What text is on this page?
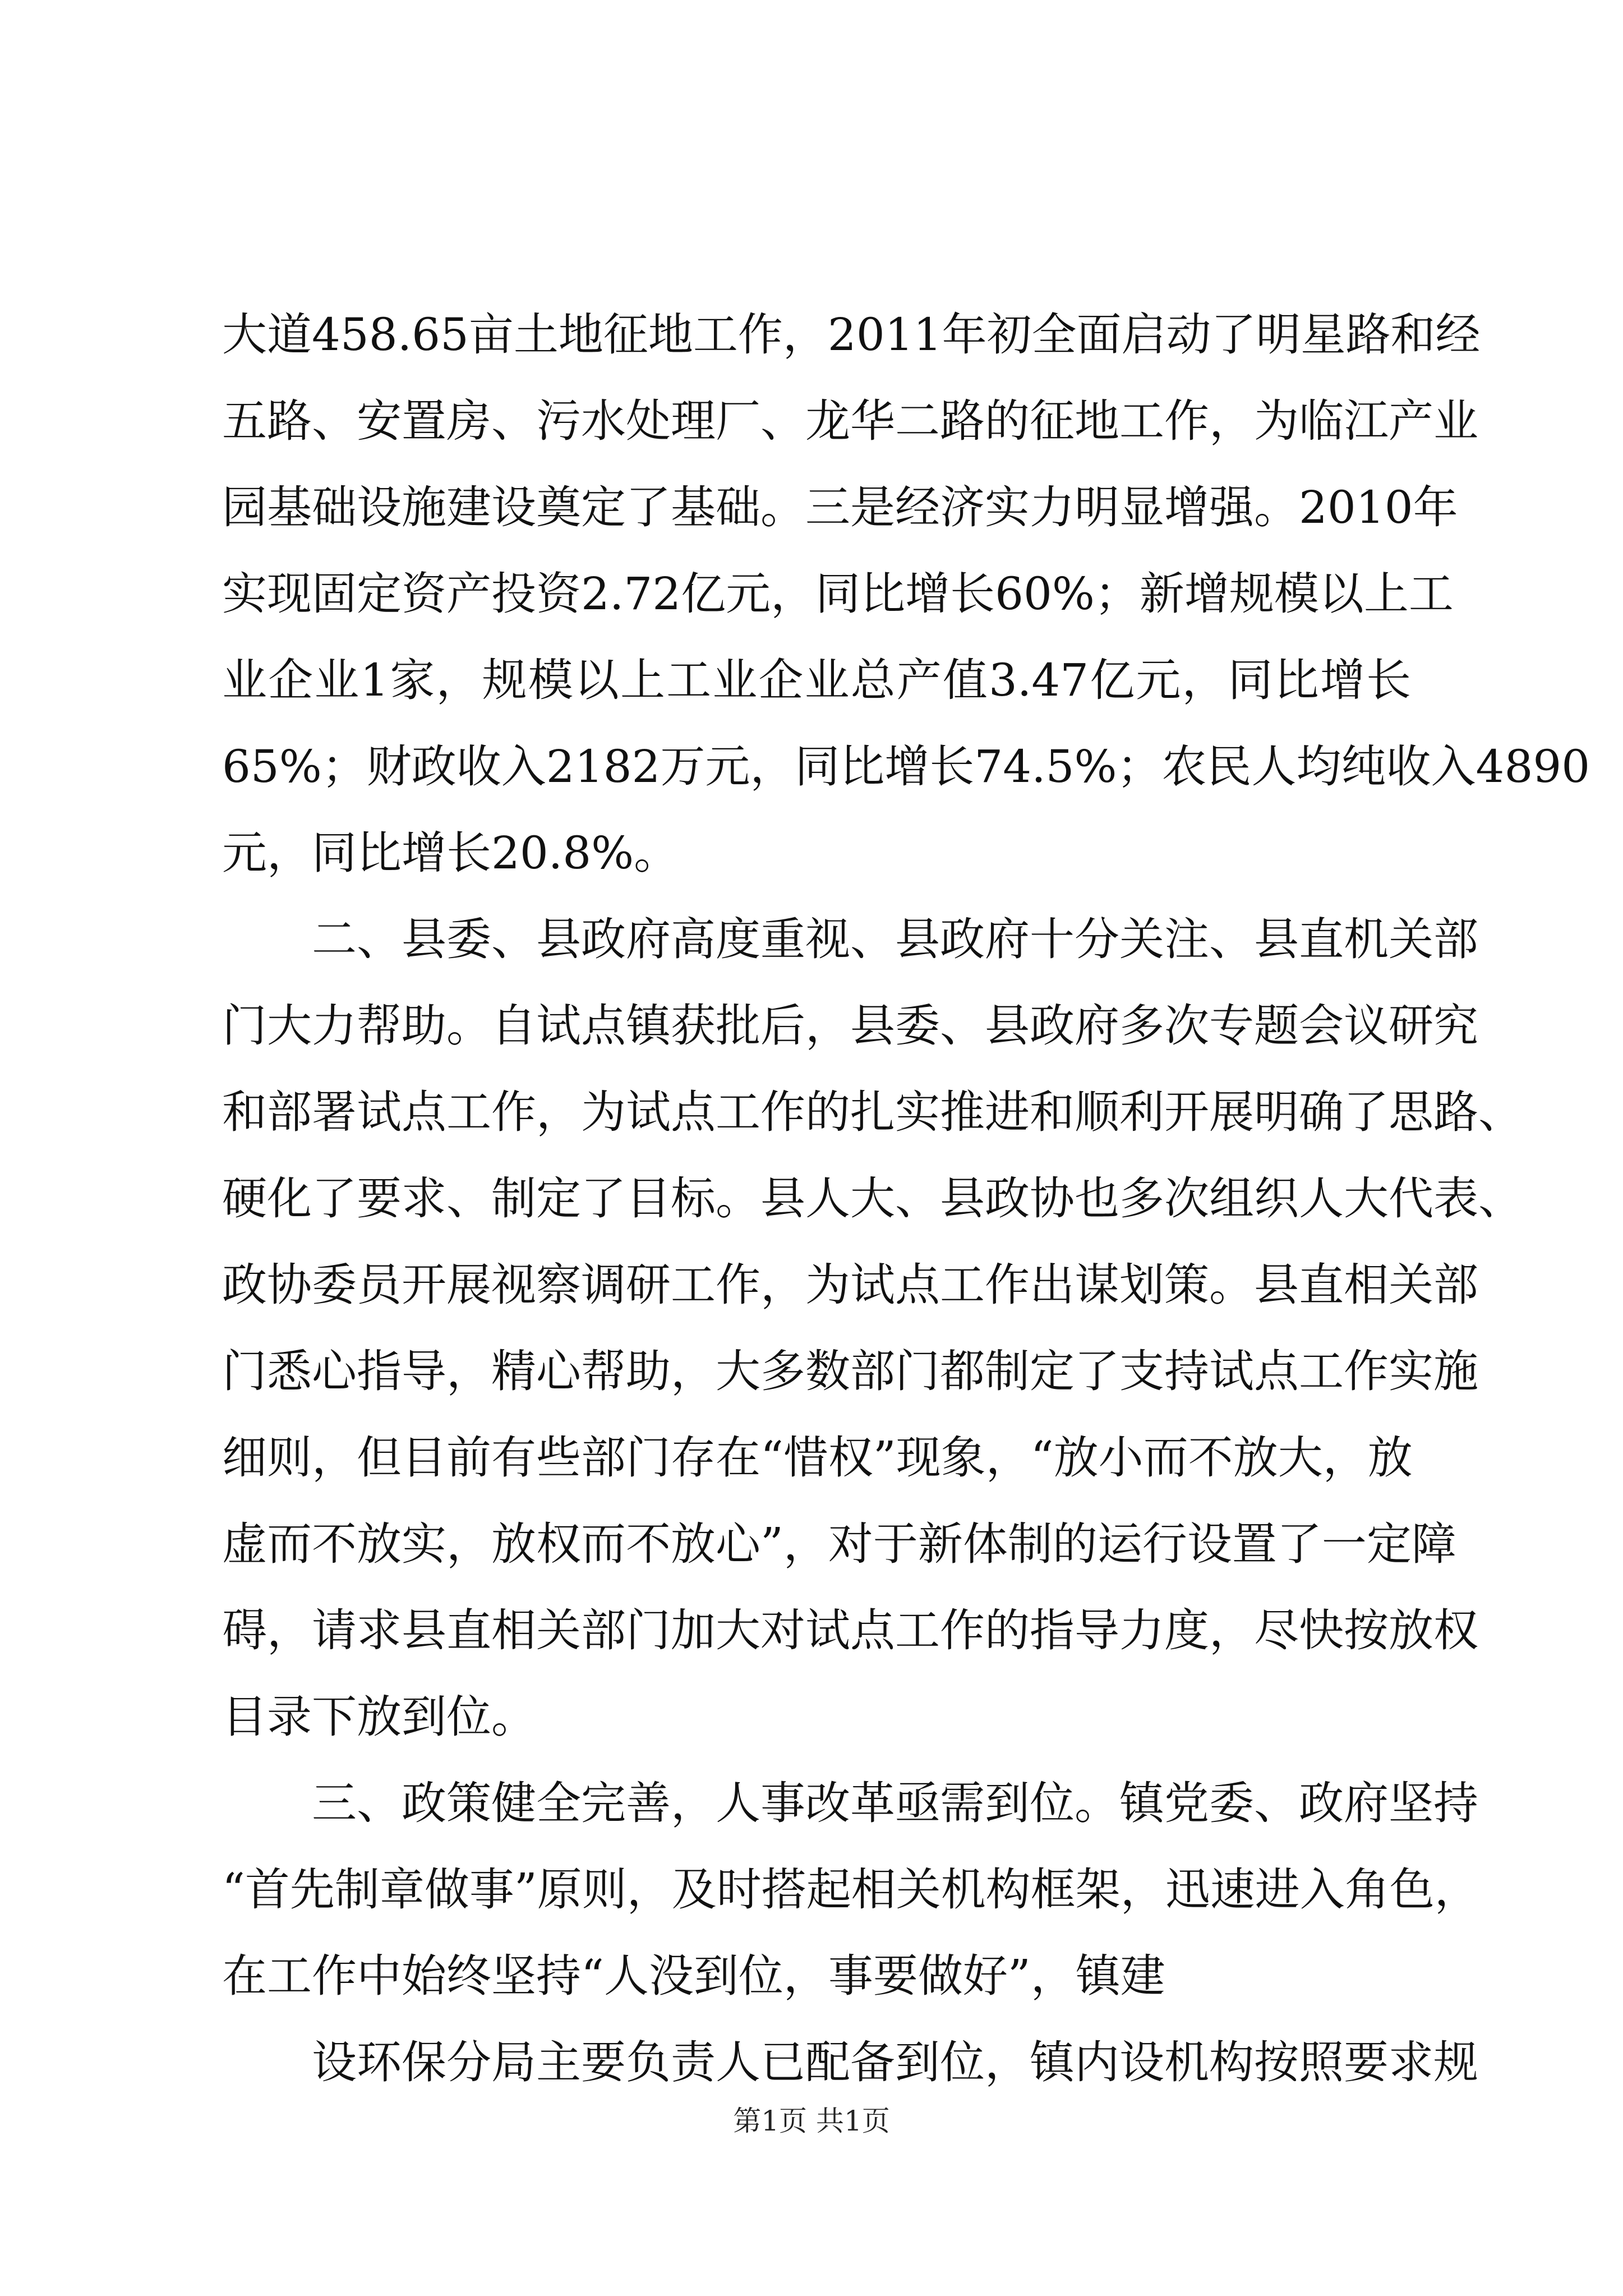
大道458.65亩土地征地工作，2011年初全面启动了明星路和经
五路、安置房、污水处理厂、龙华二路的征地工作，为临江产业
园基础设施建设奠定了基础。三是经济实力明显增强。2010年
实现固定资产投资2.72亿元，同比增长60%；新增规模以上工
业企业1家，规模以上工业企业总产值3.47亿元，同比增长
65%；财政收入2182万元，同比增长74.5%；农民人均纯收入4890
元，同比增长20.8%。
二、县委、县政府高度重视、县政府十分关注、县直机关部
门大力帮助。自试点镇获批后，县委、县政府多次专题会议研究
和部署试点工作，为试点工作的扎实推进和顺利开展明确了思路、
硬化了要求、制定了目标。县人大、县政协也多次组织人大代表、
政协委员开展视察调研工作，为试点工作出谋划策。县直相关部
门悉心指导，精心帮助，大多数部门都制定了支持试点工作实施
细则，但目前有些部门存在“惜权”现象，“放小而不放大，放
虚而不放实，放权而不放心”，对于新体制的运行设置了一定障
碍，请求县直相关部门加大对试点工作的指导力度，尽快按放权
目录下放到位。
三、政策健全完善，人事改革亟需到位。镇党委、政府坚持
“首先制章做事”原则，及时搭起相关机构框架，迅速进入角色，
在工作中始终坚持“人没到位，事要做好”，镇建
设环保分局主要负责人已配备到位，镇内设机构按照要求规
第1页 共1页
